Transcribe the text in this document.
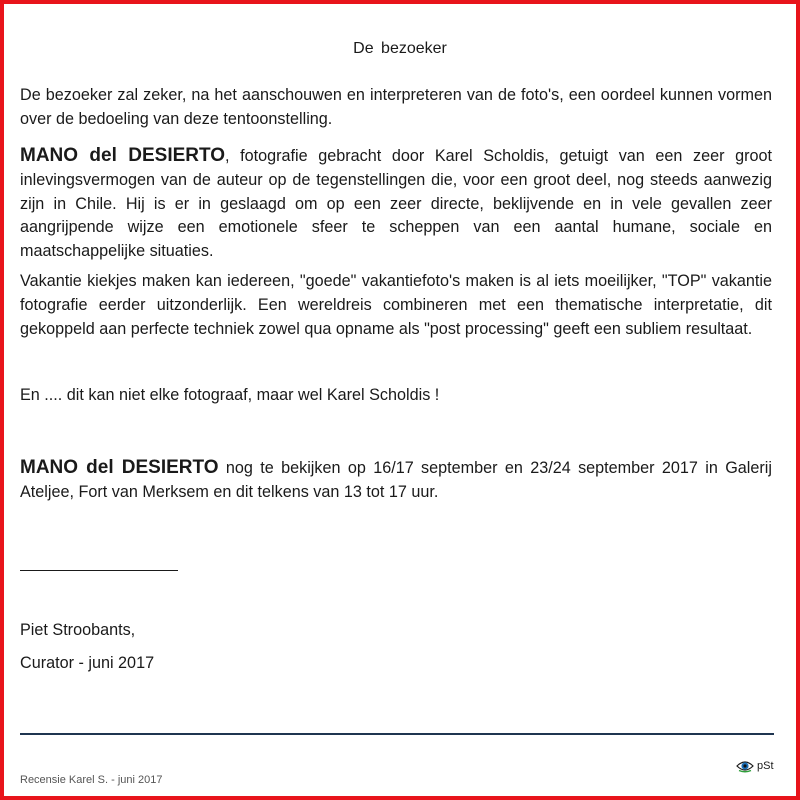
De bezoeker

De bezoeker zal zeker, na het aanschouwen en interpreteren van de foto's, een oordeel kunnen vormen over de bedoeling van deze tentoonstelling.

MANO del DESIERTO, fotografie gebracht door Karel Scholdis, getuigt van een zeer groot inlevingsvermogen van de auteur op de tegenstellingen die, voor een groot deel, nog steeds aanwezig zijn in Chile. Hij is er in geslaagd om op een zeer directe, beklijvende en in vele gevallen zeer aangrijpende wijze een emotionele sfeer te scheppen van een aantal humane, sociale en maatschappelijke situaties.

Vakantie kiekjes maken kan iedereen, "goede" vakantiefoto's maken is al iets moeilijker, "TOP" vakantie fotografie eerder uitzonderlijk. Een wereldreis combineren met een thematische interpretatie, dit gekoppeld aan perfecte techniek zowel qua opname als "post processing" geeft een subliem resultaat.

En .... dit kan niet elke fotograaf, maar wel Karel Scholdis !

MANO del DESIERTO nog te bekijken op 16/17 september en 23/24 september 2017 in Galerij Ateljee, Fort van Merksem en dit telkens van 13 tot 17 uur.

Piet Stroobants,
Curator - juni 2017
Recensie Karel S. - juni 2017
pSt
